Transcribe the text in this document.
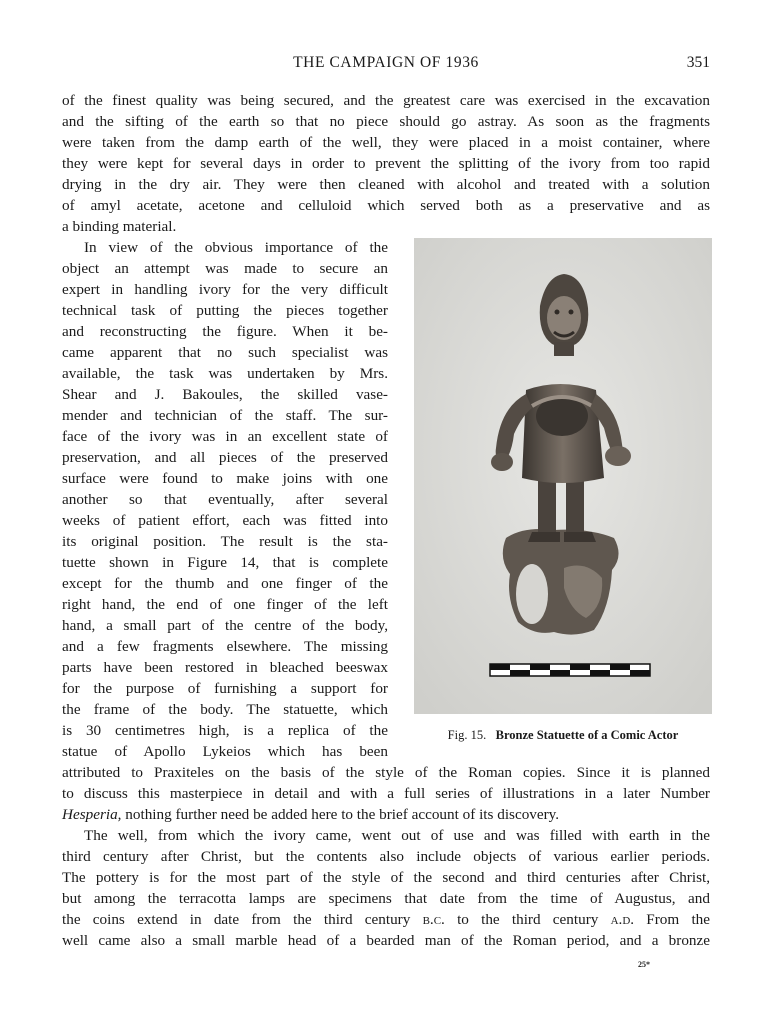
THE CAMPAIGN OF 1936	351
of the finest quality was being secured, and the greatest care was exercised in the excavation
and the sifting of the earth so that no piece should go astray. As soon as the fragments
were taken from the damp earth of the well, they were placed in a moist container, where
they were kept for several days in order to prevent the splitting of the ivory from too rapid
drying in the dry air. They were then cleaned with alcohol and treated with a solution
of amyl acetate, acetone and celluloid which served both as a preservative and as
a binding material.
In view of the obvious importance of the
object an attempt was made to secure an
expert in handling ivory for the very difficult
technical task of putting the pieces together
and reconstructing the figure. When it be-
came apparent that no such specialist was
available, the task was undertaken by Mrs.
Shear and J. Bakoules, the skilled vase-
mender and technician of the staff. The sur-
face of the ivory was in an excellent state of
preservation, and all pieces of the preserved
surface were found to make joins with one
another so that eventually, after several
weeks of patient effort, each was fitted into
its original position. The result is the sta-
tuette shown in Figure 14, that is complete
except for the thumb and one finger of the
right hand, the end of one finger of the left
hand, a small part of the centre of the body,
and a few fragments elsewhere. The missing
parts have been restored in bleached beeswax
for the purpose of furnishing a support for
the frame of the body. The statuette, which
is 30 centimetres high, is a replica of the
statue of Apollo Lykeios which has been
attributed to Praxiteles on the basis of the style of the Roman copies. Since it is planned
to discuss this masterpiece in detail and with a full series of illustrations in a later Number
Hesperia, nothing further need be added here to the brief account of its discovery.
The well, from which the ivory came, went out of use and was filled with earth in the
third century after Christ, but the contents also include objects of various earlier periods.
The pottery is for the most part of the style of the second and third centuries after Christ,
but among the terracotta lamps are specimens that date from the time of Augustus, and
the coins extend in date from the third century b.c. to the third century a.d. From the
well came also a small marble head of a bearded man of the Roman period, and a bronze
Fig. 15. Bronze Statuette of a Comic Actor
25*
